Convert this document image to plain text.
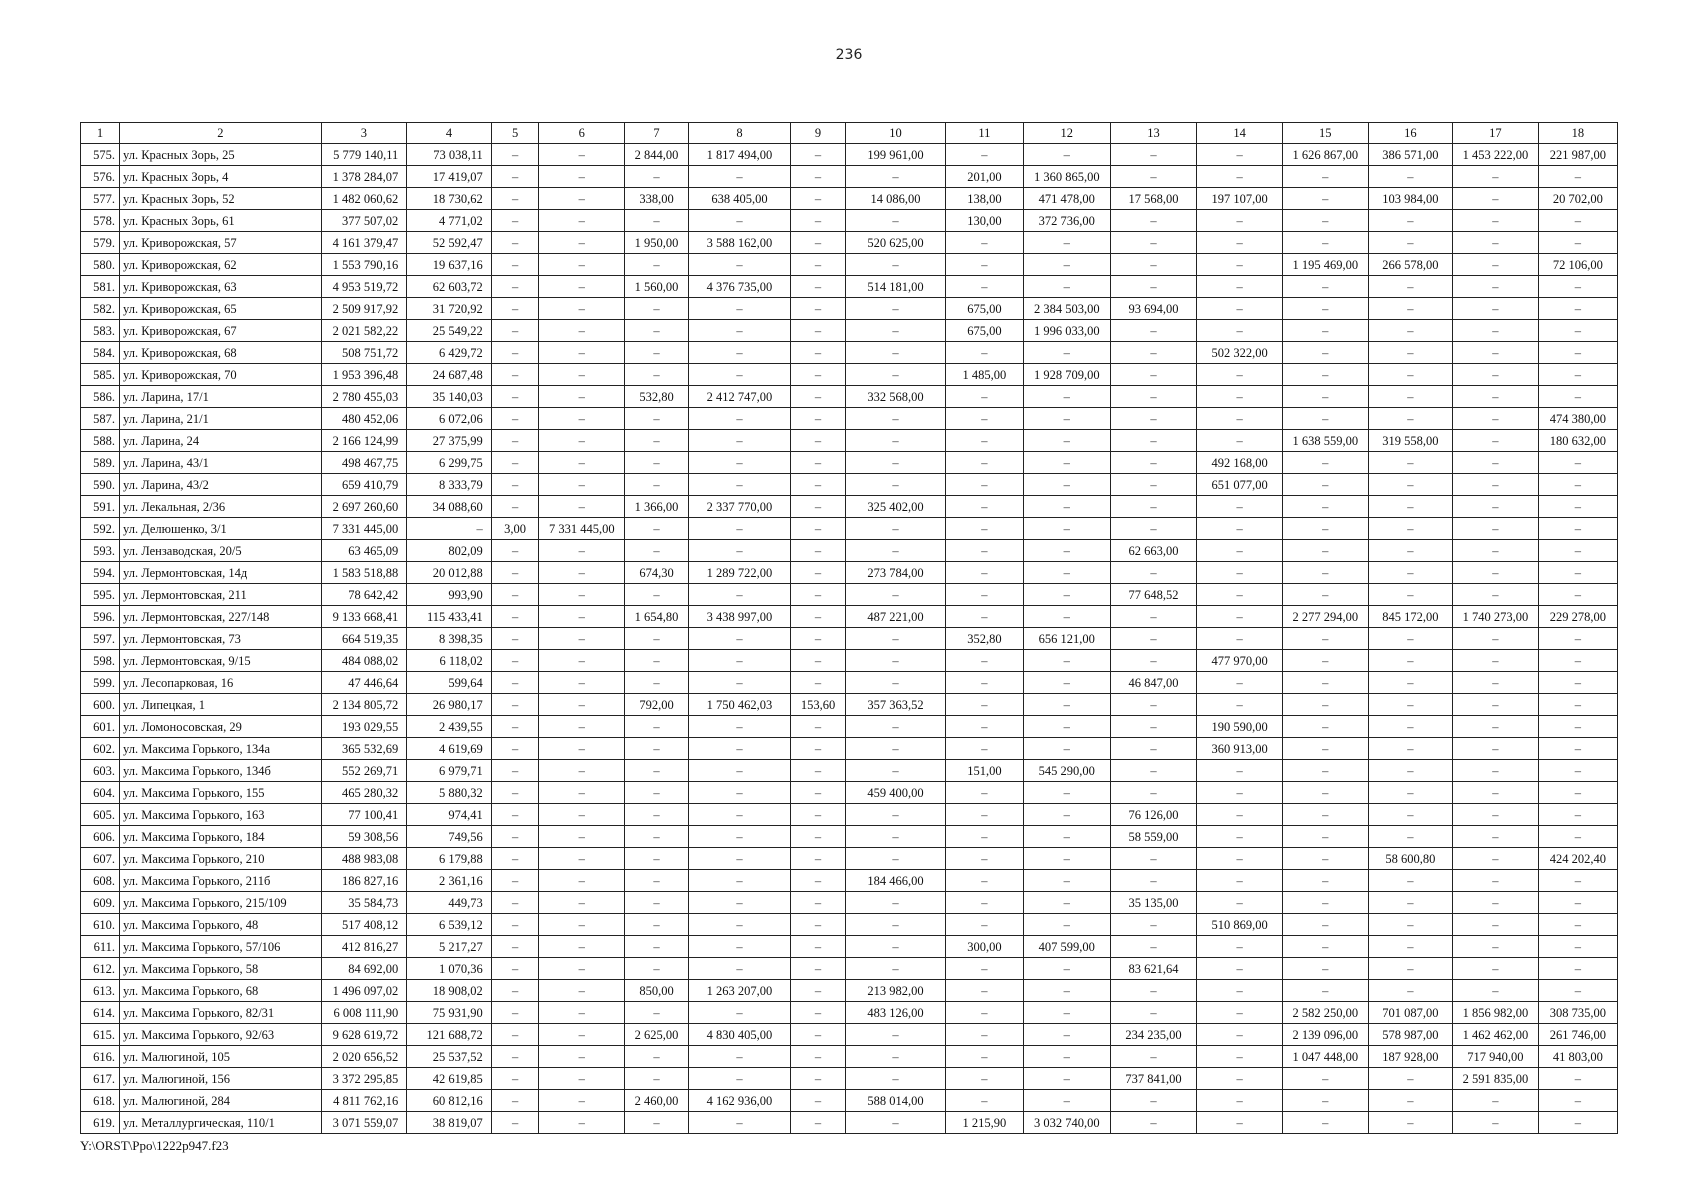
236
1	2	3	4	5	6	7	8	9	10	11	12	13	14	15	16	17	18
575.	ул. Красных Зорь, 25	5 779 140,11	73 038,11	–	–	2 844,00	1 817 494,00	–	199 961,00	–	–	–	–	1 626 867,00	386 571,00	1 453 222,00	221 987,00
576.	ул. Красных Зорь, 4	1 378 284,07	17 419,07	–	–	–	–	–	–	201,00	1 360 865,00	–	–	–	–	–	–
577.	ул. Красных Зорь, 52	1 482 060,62	18 730,62	–	–	338,00	638 405,00	–	14 086,00	138,00	471 478,00	17 568,00	197 107,00	–	103 984,00	–	20 702,00
578.	ул. Красных Зорь, 61	377 507,02	4 771,02	–	–	–	–	–	–	130,00	372 736,00	–	–	–	–	–	–
579.	ул. Криворожская, 57	4 161 379,47	52 592,47	–	–	1 950,00	3 588 162,00	–	520 625,00	–	–	–	–	–	–	–	–
580.	ул. Криворожская, 62	1 553 790,16	19 637,16	–	–	–	–	–	–	–	–	–	–	1 195 469,00	266 578,00	–	72 106,00
581.	ул. Криворожская, 63	4 953 519,72	62 603,72	–	–	1 560,00	4 376 735,00	–	514 181,00	–	–	–	–	–	–	–	–
582.	ул. Криворожская, 65	2 509 917,92	31 720,92	–	–	–	–	–	–	675,00	2 384 503,00	93 694,00	–	–	–	–	–
583.	ул. Криворожская, 67	2 021 582,22	25 549,22	–	–	–	–	–	–	675,00	1 996 033,00	–	–	–	–	–	–
584.	ул. Криворожская, 68	508 751,72	6 429,72	–	–	–	–	–	–	–	–	–	502 322,00	–	–	–	–
585.	ул. Криворожская, 70	1 953 396,48	24 687,48	–	–	–	–	–	–	1 485,00	1 928 709,00	–	–	–	–	–	–
586.	ул. Ларина, 17/1	2 780 455,03	35 140,03	–	–	532,80	2 412 747,00	–	332 568,00	–	–	–	–	–	–	–	–
587.	ул. Ларина, 21/1	480 452,06	6 072,06	–	–	–	–	–	–	–	–	–	–	–	–	–	474 380,00
588.	ул. Ларина, 24	2 166 124,99	27 375,99	–	–	–	–	–	–	–	–	–	–	1 638 559,00	319 558,00	–	180 632,00
589.	ул. Ларина, 43/1	498 467,75	6 299,75	–	–	–	–	–	–	–	–	–	492 168,00	–	–	–	–
590.	ул. Ларина, 43/2	659 410,79	8 333,79	–	–	–	–	–	–	–	–	–	651 077,00	–	–	–	–
591.	ул. Лекальная, 2/36	2 697 260,60	34 088,60	–	–	1 366,00	2 337 770,00	–	325 402,00	–	–	–	–	–	–	–	–
592.	ул. Делюшенко, 3/1	7 331 445,00	–	3,00	7 331 445,00	–	–	–	–	–	–	–	–	–	–	–	–
593.	ул. Лензаводская, 20/5	63 465,09	802,09	–	–	–	–	–	–	–	–	62 663,00	–	–	–	–	–
594.	ул. Лермонтовская, 14д	1 583 518,88	20 012,88	–	–	674,30	1 289 722,00	–	273 784,00	–	–	–	–	–	–	–	–
595.	ул. Лермонтовская, 211	78 642,42	993,90	–	–	–	–	–	–	–	–	77 648,52	–	–	–	–	–
596.	ул. Лермонтовская, 227/148	9 133 668,41	115 433,41	–	–	1 654,80	3 438 997,00	–	487 221,00	–	–	–	–	2 277 294,00	845 172,00	1 740 273,00	229 278,00
597.	ул. Лермонтовская, 73	664 519,35	8 398,35	–	–	–	–	–	–	352,80	656 121,00	–	–	–	–	–	–
598.	ул. Лермонтовская, 9/15	484 088,02	6 118,02	–	–	–	–	–	–	–	–	–	477 970,00	–	–	–	–
599.	ул. Лесопарковая, 16	47 446,64	599,64	–	–	–	–	–	–	–	–	46 847,00	–	–	–	–	–
600.	ул. Липецкая, 1	2 134 805,72	26 980,17	–	–	792,00	1 750 462,03	153,60	357 363,52	–	–	–	–	–	–	–	–
601.	ул. Ломоносовская, 29	193 029,55	2 439,55	–	–	–	–	–	–	–	–	–	190 590,00	–	–	–	–
602.	ул. Максима Горького, 134а	365 532,69	4 619,69	–	–	–	–	–	–	–	–	–	360 913,00	–	–	–	–
603.	ул. Максима Горького, 134б	552 269,71	6 979,71	–	–	–	–	–	–	151,00	545 290,00	–	–	–	–	–	–
604.	ул. Максима Горького, 155	465 280,32	5 880,32	–	–	–	–	–	459 400,00	–	–	–	–	–	–	–	–
605.	ул. Максима Горького, 163	77 100,41	974,41	–	–	–	–	–	–	–	–	76 126,00	–	–	–	–	–
606.	ул. Максима Горького, 184	59 308,56	749,56	–	–	–	–	–	–	–	–	58 559,00	–	–	–	–	–
607.	ул. Максима Горького, 210	488 983,08	6 179,88	–	–	–	–	–	–	–	–	–	–	–	58 600,80	–	424 202,40
608.	ул. Максима Горького, 211б	186 827,16	2 361,16	–	–	–	–	–	184 466,00	–	–	–	–	–	–	–	–
609.	ул. Максима Горького, 215/109	35 584,73	449,73	–	–	–	–	–	–	–	–	35 135,00	–	–	–	–	–
610.	ул. Максима Горького, 48	517 408,12	6 539,12	–	–	–	–	–	–	–	–	–	510 869,00	–	–	–	–
611.	ул. Максима Горького, 57/106	412 816,27	5 217,27	–	–	–	–	–	–	300,00	407 599,00	–	–	–	–	–	–
612.	ул. Максима Горького, 58	84 692,00	1 070,36	–	–	–	–	–	–	–	–	83 621,64	–	–	–	–	–
613.	ул. Максима Горького, 68	1 496 097,02	18 908,02	–	–	850,00	1 263 207,00	–	213 982,00	–	–	–	–	–	–	–	–
614.	ул. Максима Горького, 82/31	6 008 111,90	75 931,90	–	–	–	–	–	483 126,00	–	–	–	–	2 582 250,00	701 087,00	1 856 982,00	308 735,00
615.	ул. Максима Горького, 92/63	9 628 619,72	121 688,72	–	–	2 625,00	4 830 405,00	–	–	–	–	234 235,00	–	2 139 096,00	578 987,00	1 462 462,00	261 746,00
616.	ул. Малюгиной, 105	2 020 656,52	25 537,52	–	–	–	–	–	–	–	–	–	–	1 047 448,00	187 928,00	717 940,00	41 803,00
617.	ул. Малюгиной, 156	3 372 295,85	42 619,85	–	–	–	–	–	–	–	–	737 841,00	–	–	–	2 591 835,00	–
618.	ул. Малюгиной, 284	4 811 762,16	60 812,16	–	–	2 460,00	4 162 936,00	–	588 014,00	–	–	–	–	–	–	–	–
619.	ул. Металлургическая, 110/1	3 071 559,07	38 819,07	–	–	–	–	–	–	1 215,90	3 032 740,00	–	–	–	–	–	–
Y:\ORST\Ppo\1222p947.f23
